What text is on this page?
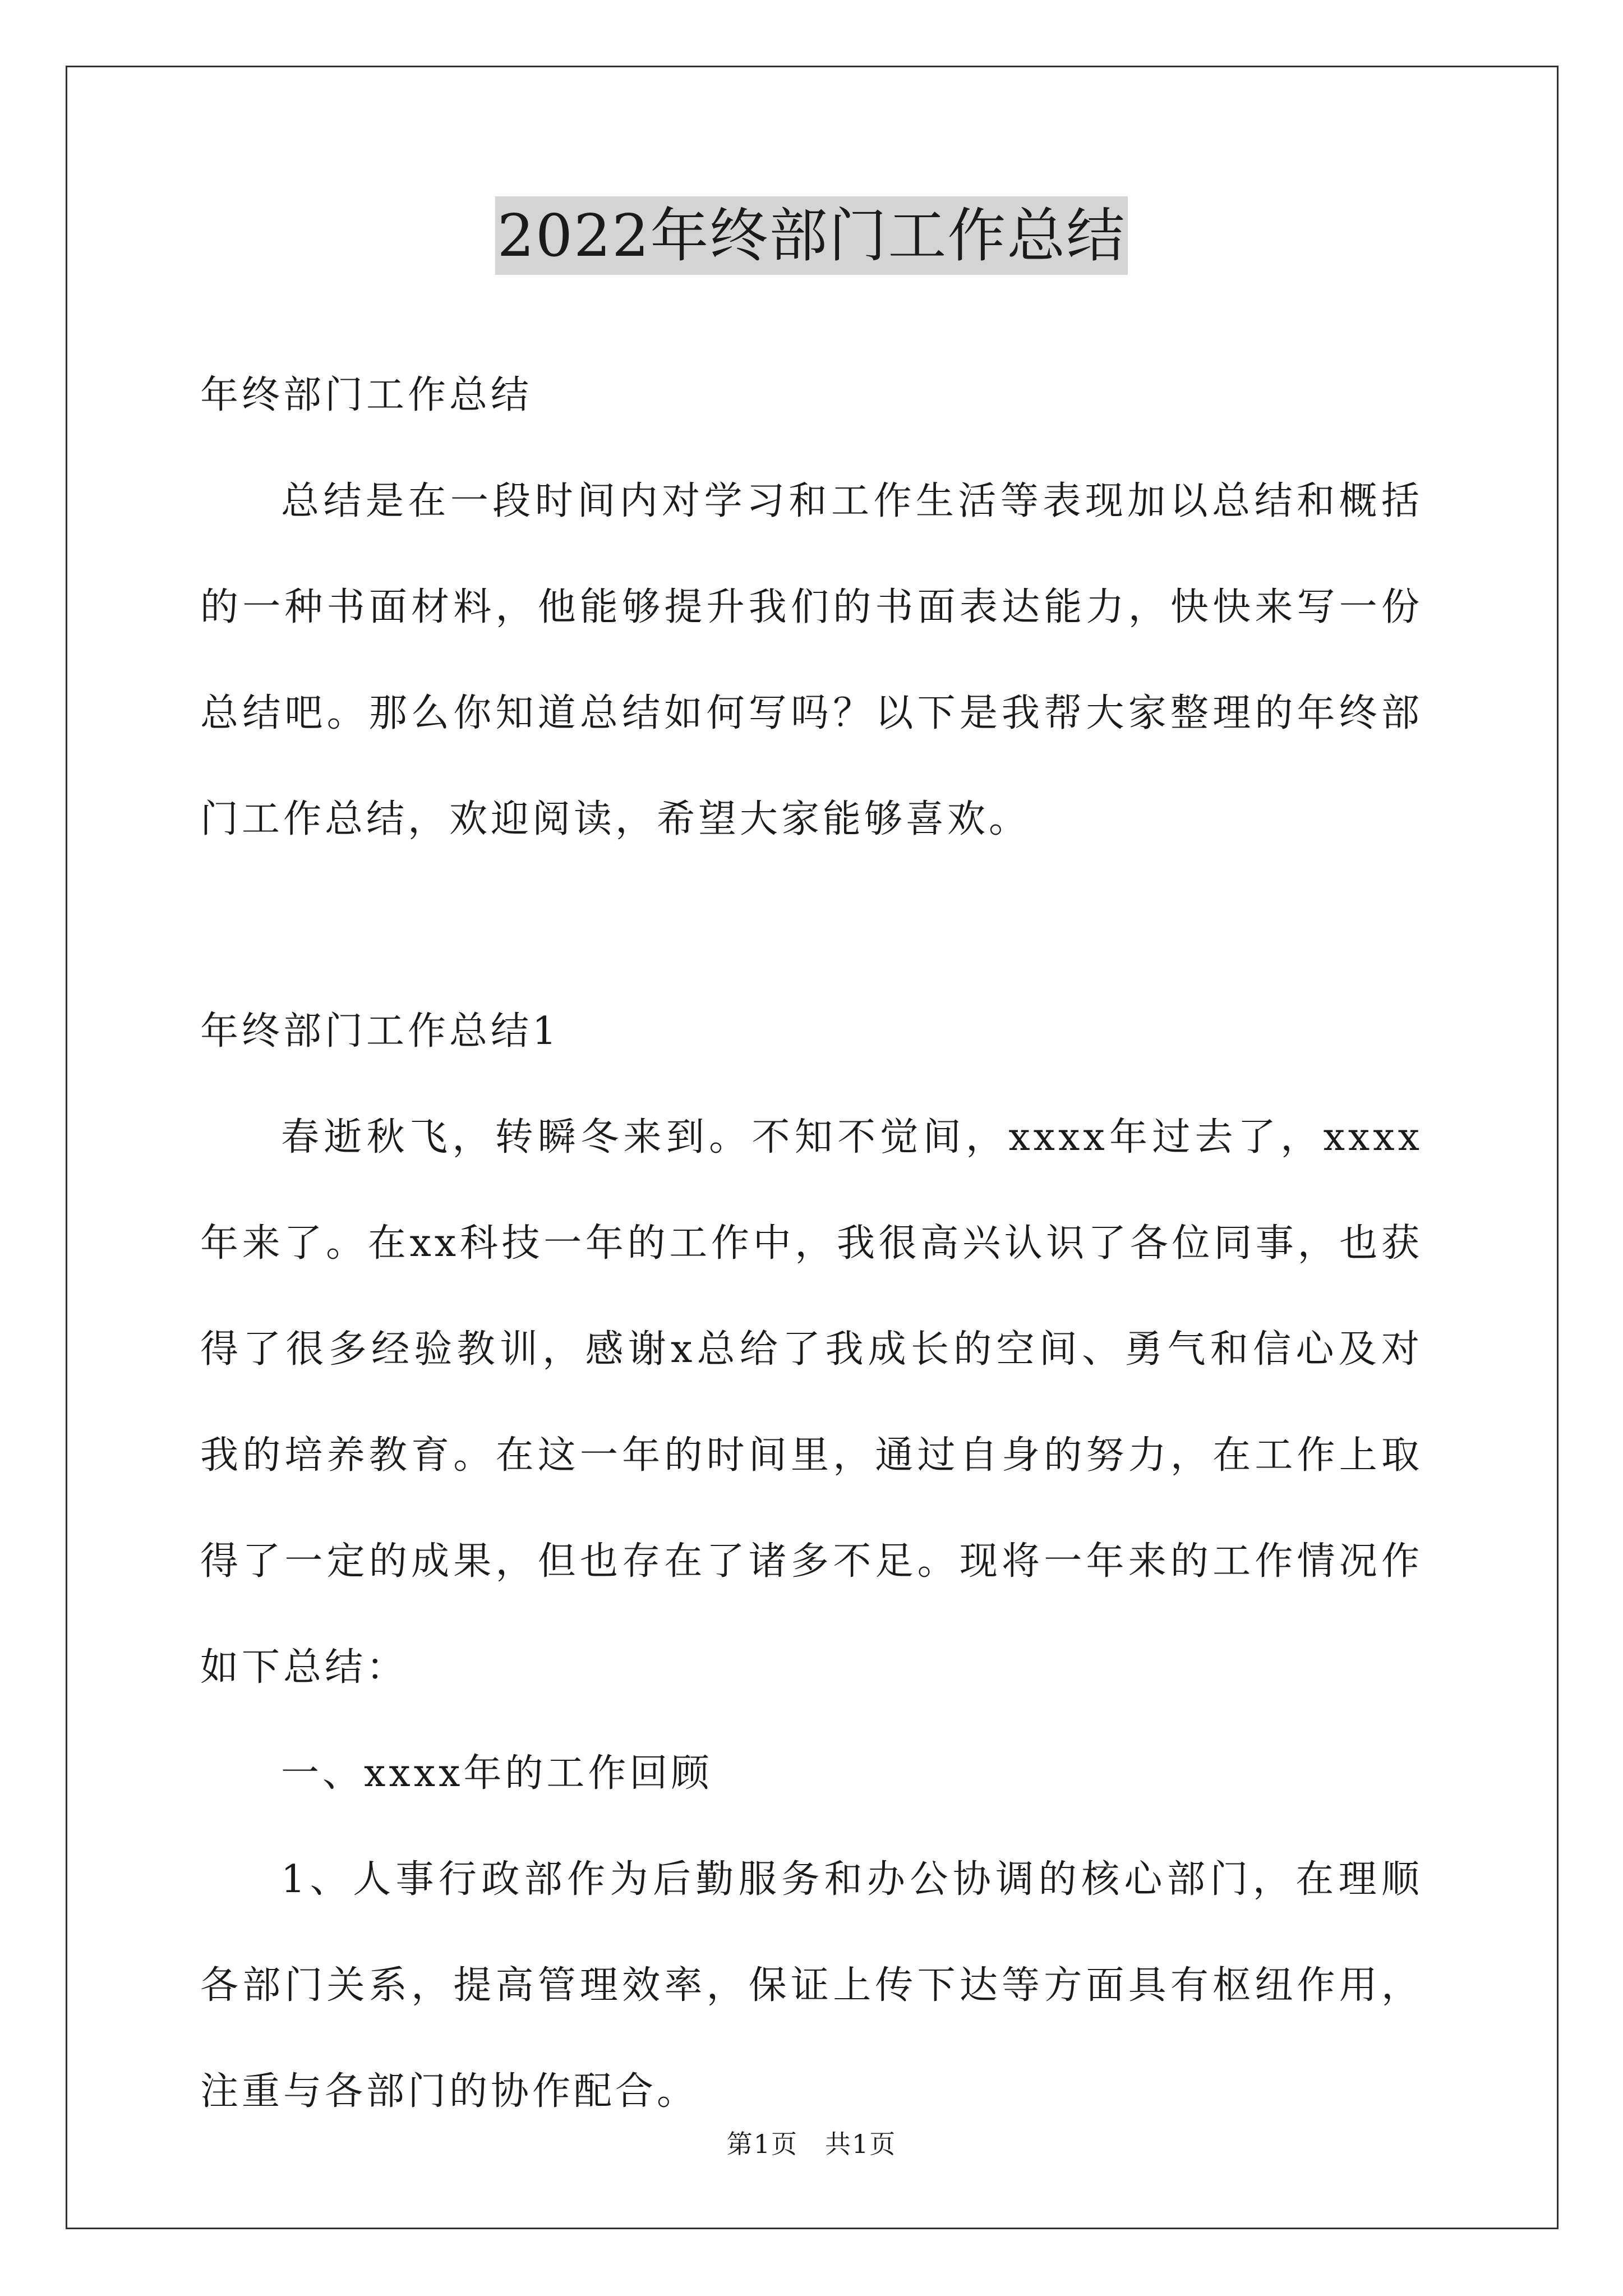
2022年终部门工作总结

年终部门工作总结

总结是在一段时间内对学习和工作生活等表现加以总结和概括的一种书面材料，他能够提升我们的书面表达能力，快快来写一份总结吧。那么你知道总结如何写吗？以下是我帮大家整理的年终部门工作总结，欢迎阅读，希望大家能够喜欢。

年终部门工作总结1

春逝秋飞，转瞬冬来到。不知不觉间，xxxx年过去了，xxxx年来了。在xx科技一年的工作中，我很高兴认识了各位同事，也获得了很多经验教训，感谢x总给了我成长的空间、勇气和信心及对我的培养教育。在这一年的时间里，通过自身的努力，在工作上取得了一定的成果，但也存在了诸多不足。现将一年来的工作情况作如下总结：

一、xxxx年的工作回顾

1、人事行政部作为后勤服务和办公协调的核心部门，在理顺各部门关系，提高管理效率，保证上传下达等方面具有枢纽作用，注重与各部门的协作配合。

第1页 共1页
